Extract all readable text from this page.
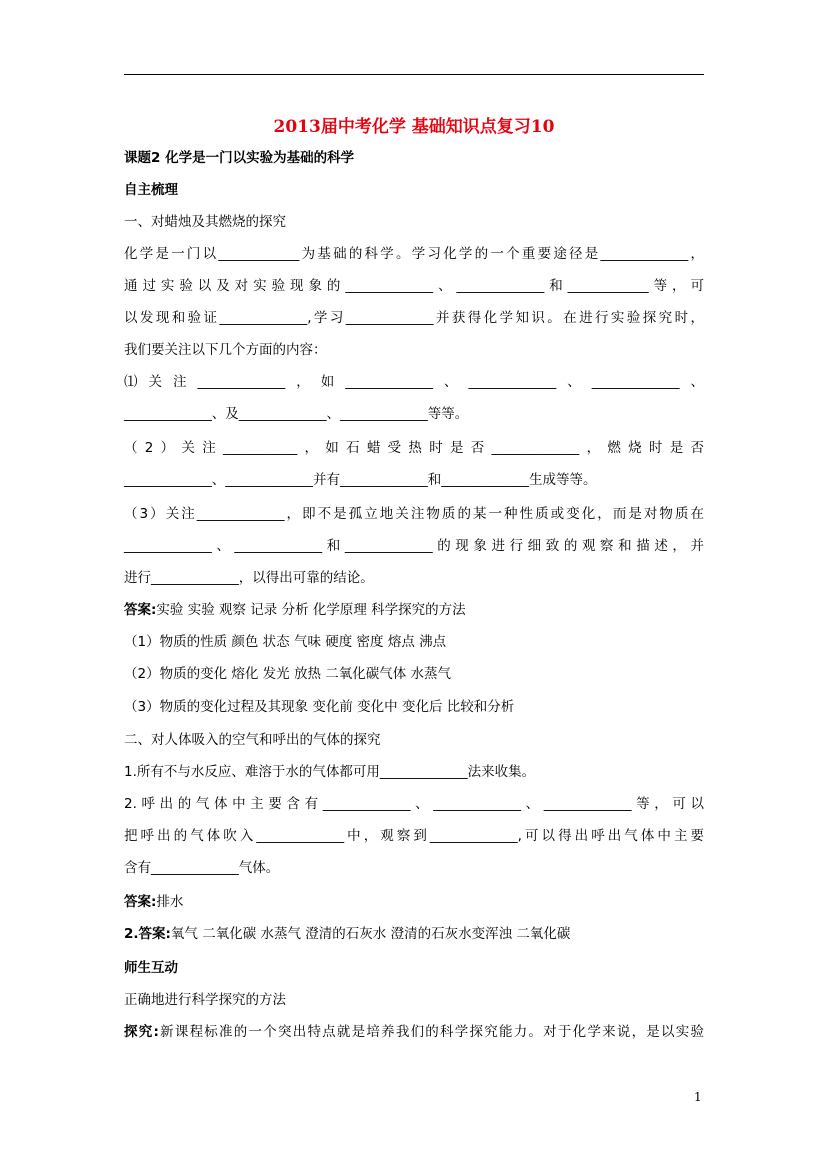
2013届中考化学 基础知识点复习10
课题2 化学是一门以实验为基础的科学
自主梳理
一、对蜡烛及其燃烧的探究
化学是一门以____________为基础的科学。学习化学的一个重要途径是_____________，
通过实验以及对实验现象的_____________、_____________和____________等，可
以发现和验证_____________,学习_____________并获得化学知识。在进行实验探究时，
我们要关注以下几个方面的内容：
⑴关注_____________，如_____________、_____________、_____________、
_____________、及_____________、_____________等等。
（2）关注___________，如石蜡受热时是否_____________，燃烧时是否
_____________、_____________并有_____________和_____________生成等等。
（3）关注_____________，即不是孤立地关注物质的某一种性质或变化，而是对物质在
_____________、_____________和_____________的现象进行细致的观察和描述，并
进行_____________，以得出可靠的结论。
答案:实验 实验 观察 记录 分析 化学原理 科学探究的方法
（1）物质的性质 颜色 状态 气味 硬度 密度 熔点 沸点
（2）物质的变化 熔化 发光 放热 二氧化碳气体 水蒸气
（3）物质的变化过程及其现象 变化前 变化中 变化后 比较和分析
二、对人体吸入的空气和呼出的气体的探究
1.所有不与水反应、难溶于水的气体都可用_____________法来收集。
2.呼出的气体中主要含有_____________、_____________、_____________等，可以
把呼出的气体吹入_____________中，观察到_____________,可以得出呼出气体中主要
含有_____________气体。
答案:排水
2.答案:氧气 二氧化碳 水蒸气 澄清的石灰水 澄清的石灰水变浑浊 二氧化碳
师生互动
正确地进行科学探究的方法
探究:新课程标准的一个突出特点就是培养我们的科学探究能力。对于化学来说，是以实验
1
